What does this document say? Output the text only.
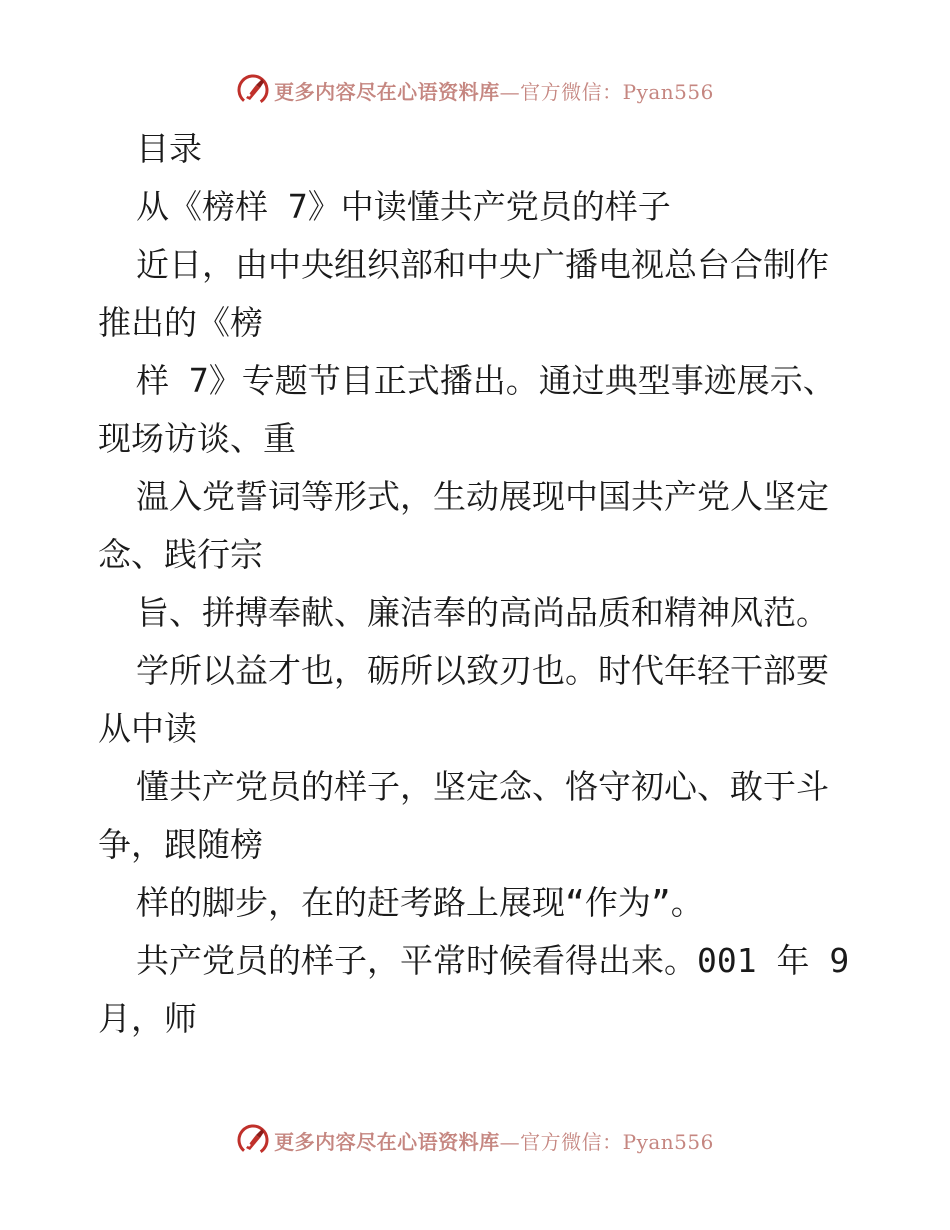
更多内容尽在心语资料库—官方微信：Pyan556
目录
从《榜样 7》中读懂共产党员的样子
近日，由中央组织部和中央广播电视总台合制作
推出的《榜
样 7》专题节目正式播出。通过典型事迹展示、
现场访谈、重
温入党誓词等形式，生动展现中国共产党人坚定
念、践行宗
旨、拼搏奉献、廉洁奉的高尚品质和精神风范。
学所以益才也，砺所以致刃也。时代年轻干部要
从中读
懂共产党员的样子，坚定念、恪守初心、敢于斗
争，跟随榜
样的脚步，在的赶考路上展现“作为”。
共产党员的样子，平常时候看得出来。001 年 9
月，师
更多内容尽在心语资料库—官方微信：Pyan556
